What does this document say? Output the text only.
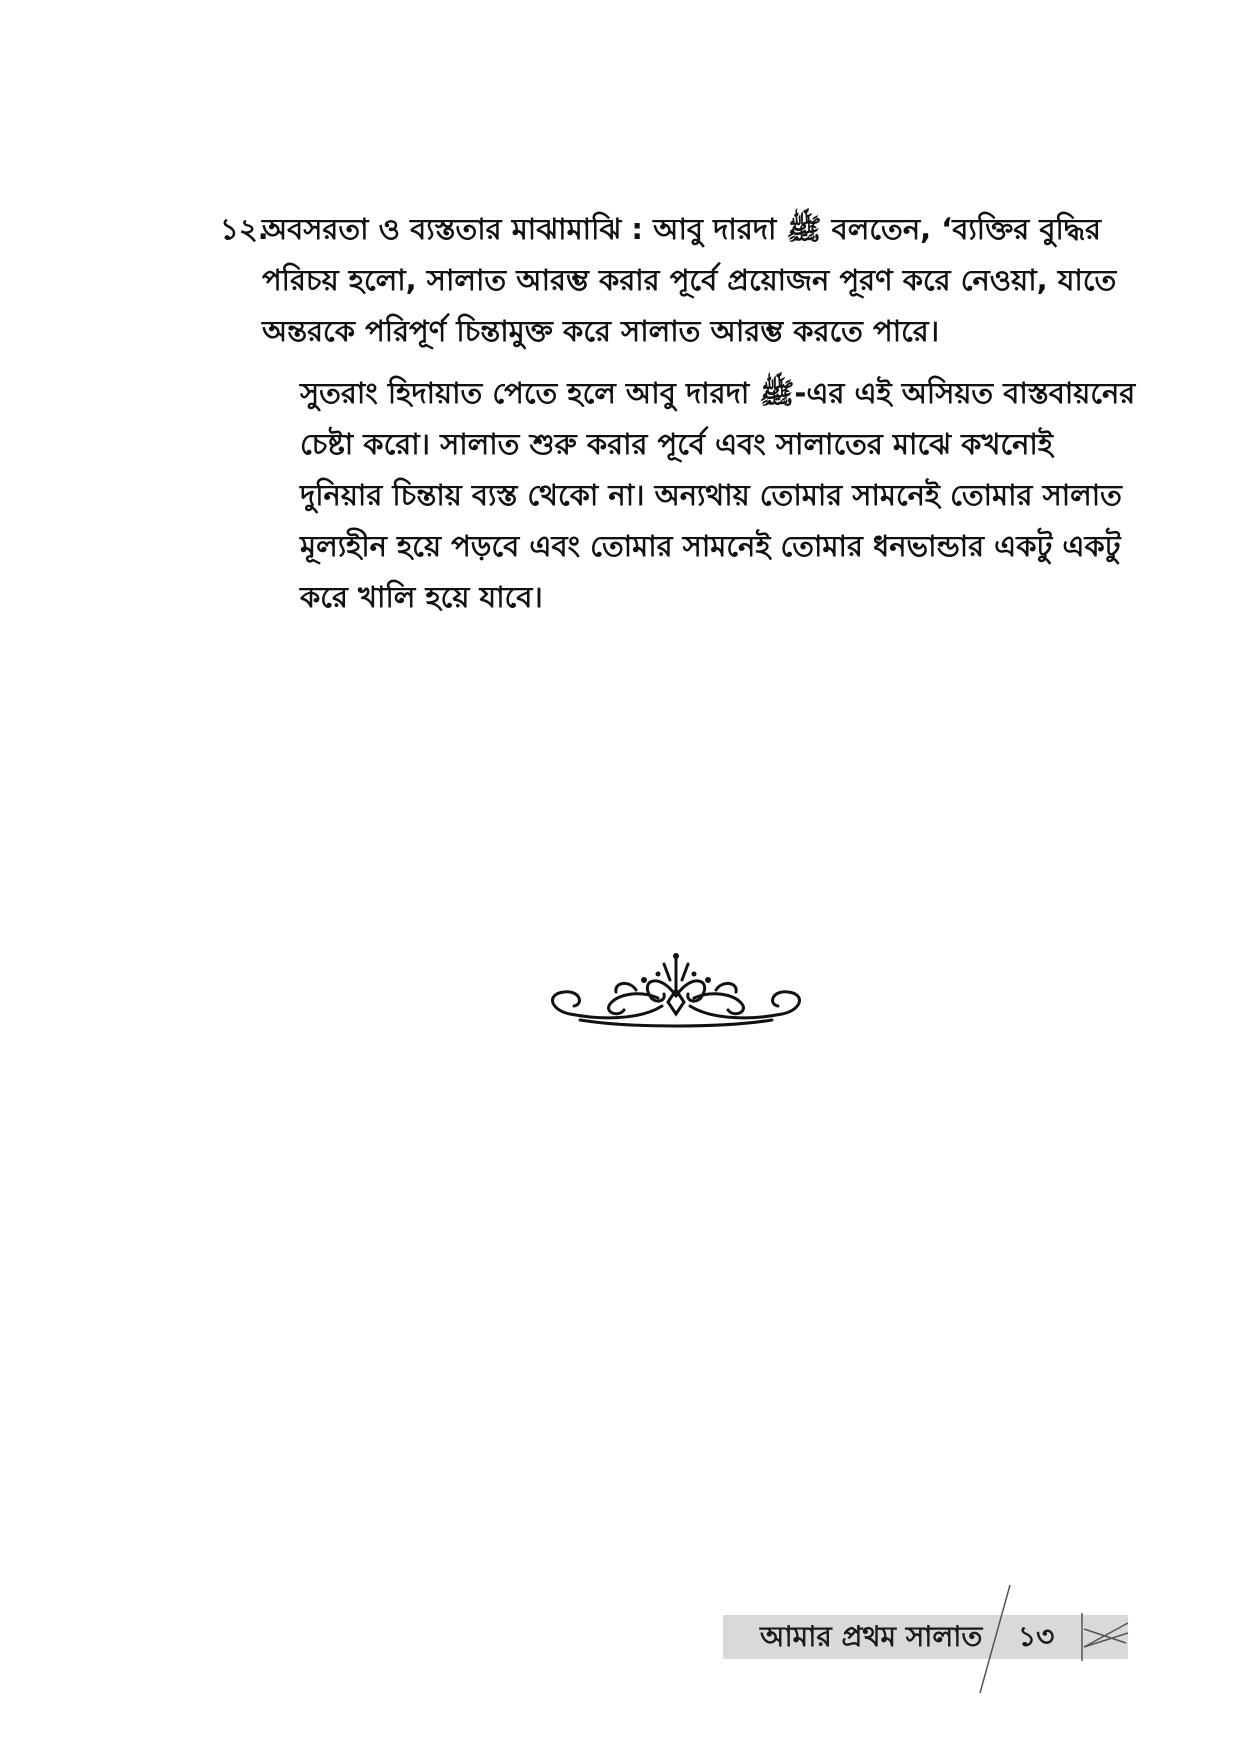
১২.
অবসরতা ও ব্যস্ততার মাঝামাঝি : আবু দারদা ﷺ বলতেন, ‘ব্যক্তির বুদ্ধির
পরিচয় হলো, সালাত আরম্ভ করার পূর্বে প্রয়োজন পূরণ করে নেওয়া, যাতে
অন্তরকে পরিপূর্ণ চিন্তামুক্ত করে সালাত আরম্ভ করতে পারে।
সুতরাং হিদায়াত পেতে হলে আবু দারদা ﷺ-এর এই অসিয়ত বাস্তবায়নের
চেষ্টা করো। সালাত শুরু করার পূর্বে এবং সালাতের মাঝে কখনোই
দুনিয়ার চিন্তায় ব্যস্ত থেকো না। অন্যথায় তোমার সামনেই তোমার সালাত
মূল্যহীন হয়ে পড়বে এবং তোমার সামনেই তোমার ধনভান্ডার একটু একটু
করে খালি হয়ে যাবে।
আমার প্রথম সালাত ১৩
